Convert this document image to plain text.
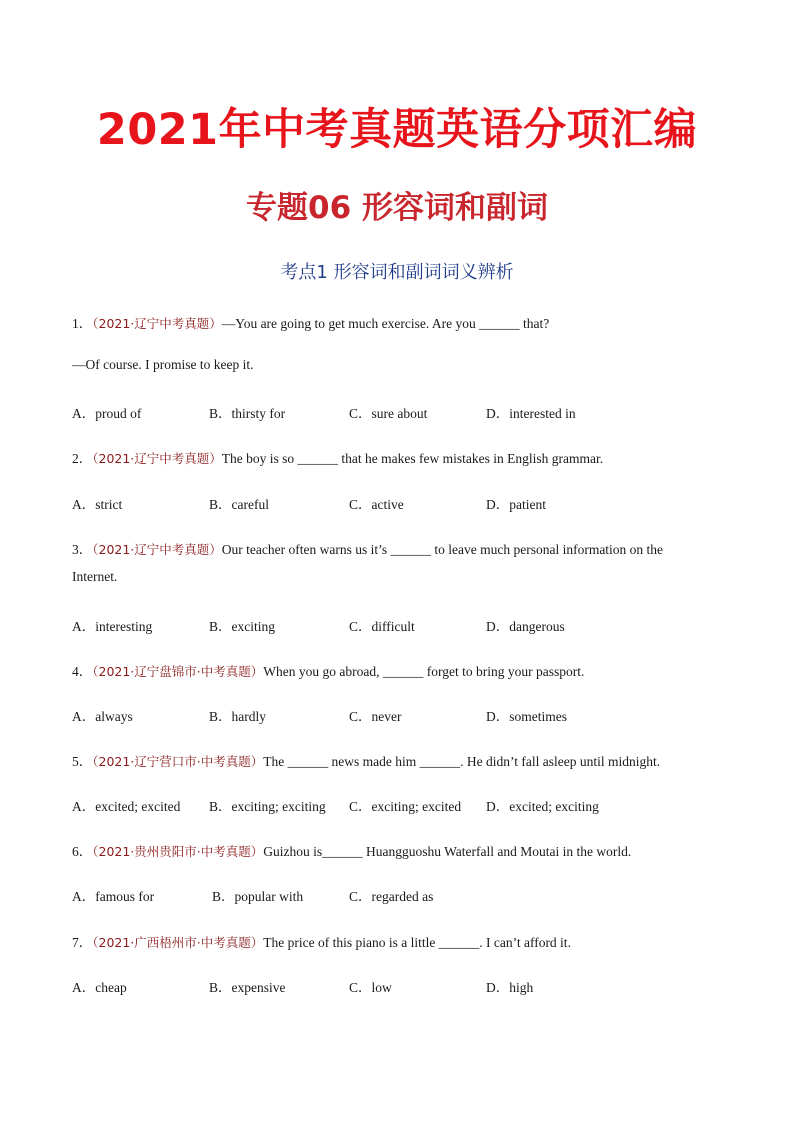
2021年中考真题英语分项汇编
专题06 形容词和副词
考点1 形容词和副词词义辨析
1．（2021·辽宁中考真题）—You are going to get much exercise. Are you ______ that?
—Of course. I promise to keep it.
A．proud of	B．thirsty for	C．sure about	D．interested in
2．（2021·辽宁中考真题）The boy is so ______ that he makes few mistakes in English grammar.
A．strict	B．careful	C．active	D．patient
3．（2021·辽宁中考真题）Our teacher often warns us it’s ______ to leave much personal information on the
Internet.
A．interesting	B．exciting	C．difficult	D．dangerous
4．（2021·辽宁盘锦市·中考真题）When you go abroad, ______ forget to bring your passport.
A．always	B．hardly	C．never	D．sometimes
5．（2021·辽宁营口市·中考真题）The ______ news made him ______. He didn’t fall asleep until midnight.
A．excited; excited B．exciting; exciting C．exciting; excited D．excited; exciting
6．（2021·贵州贵阳市·中考真题）Guizhou is______ Huangguoshu Waterfall and Moutai in the world.
A．famous for	B．popular with	C．regarded as
7．（2021·广西梧州市·中考真题）The price of this piano is a little ______. I can’t afford it.
A．cheap	B．expensive	C．low	D．high
